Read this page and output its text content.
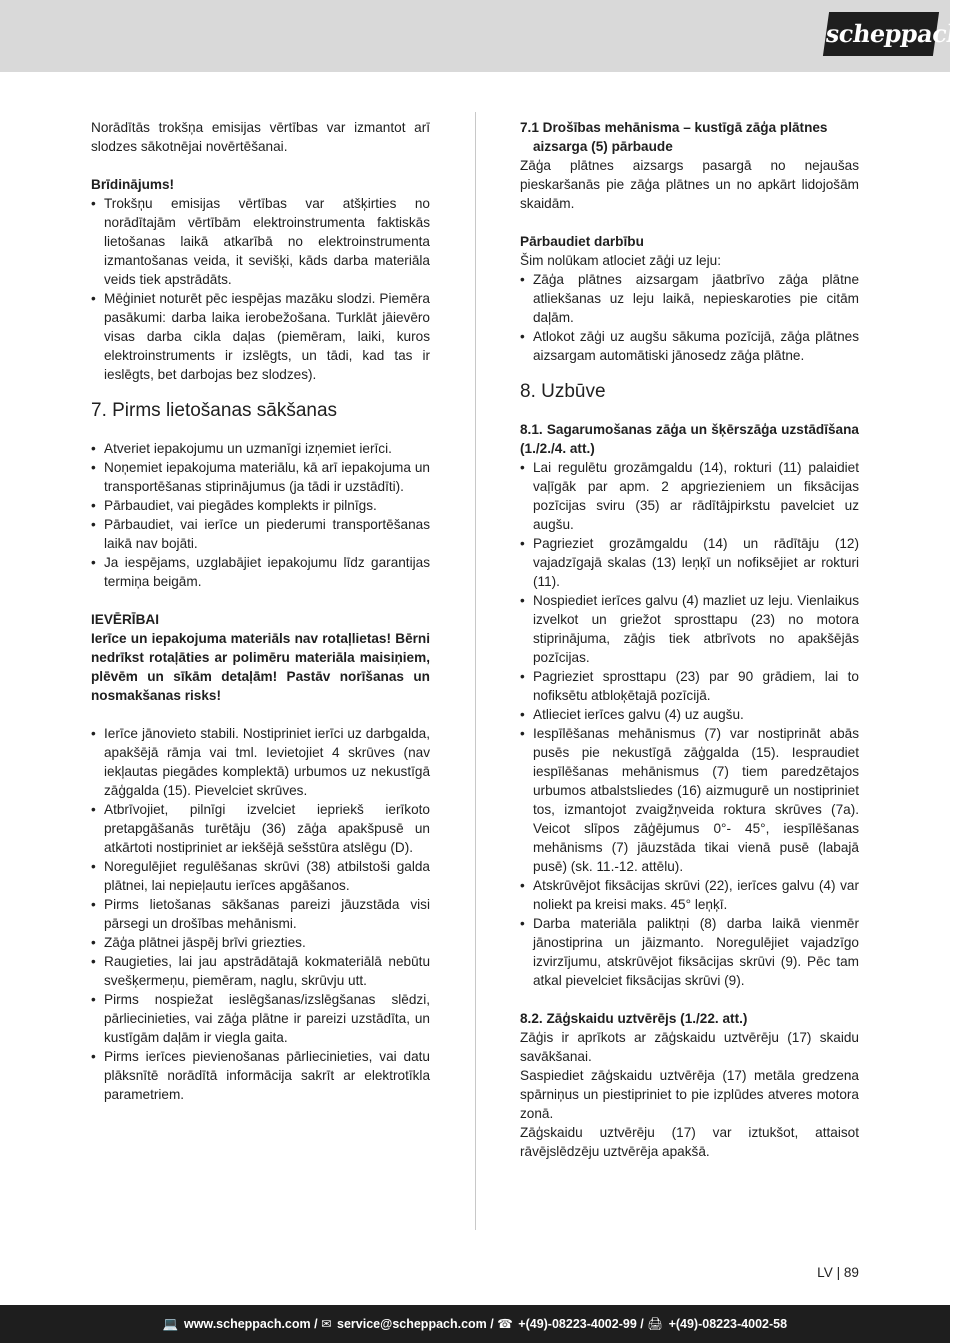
scheppach

Norādītās trokšņa emisijas vērtības var izmantot arī slodzes sākotnējai novērtēšanai.

Brīdinājums!

• Trokšņu emisijas vērtības var atšķirties no norādītajām vērtībām elektroinstrumenta faktiskās lietošanas laikā atkarībā no elektroinstrumenta izmantošanas veida, it sevišķi, kāds darba materiāla veids tiek apstrādāts.
• Mēģiniet noturēt pēc iespējas mazāku slodzi. Piemēra pasākumi: darba laika ierobežošana. Turklāt jāievēro visas darba cikla daļas (piemēram, laiki, kuros elektroinstruments ir izslēgts, un tādi, kad tas ir ieslēgts, bet darbojas bez slodzes).
7. Pirms lietošanas sākšanas
• Atveriet iepakojumu un uzmanīgi izņemiet ierīci.
• Noņemiet iepakojuma materiālu, kā arī iepakojuma un transportēšanas stiprinājumus (ja tādi ir uzstādīti).
• Pārbaudiet, vai piegādes komplekts ir pilnīgs.
• Pārbaudiet, vai ierīce un piederumi transportēšanas laikā nav bojāti.
• Ja iespējams, uzglabājiet iepakojumu līdz garantijas termiņa beigām.

IEVĒRĪBAI

Ierīce un iepakojuma materiāls nav rotaļlietas! Bērni nedrīkst rotaļāties ar polimēru materiāla maisiņiem, plēvēm un sīkām detaļām! Pastāv norīšanas un nosmakšanas risks!

• Ierīce jānovieto stabili. Nostipriniet ierīci uz darbgalda, apakšējā rāmja vai tml. Ievietojiet 4 skrūves (nav iekļautas piegādes komplektā) urbumos uz nekustīgā zāģgalda (15). Pievelciet skrūves.
• Atbrīvojiet, pilnīgi izvelciet iepriekš ierīkoto pretapgāšanās turētāju (36) zāģa apakšpusē un atkārtoti nostipriniet ar iekšējā sešstūra atslēgu (D).
• Noregulējiet regulēšanas skrūvi (38) atbilstoši galda plātnei, lai nepieļautu ierīces apgāšanos.
• Pirms lietošanas sākšanas pareizi jāuzstāda visi pārsegi un drošības mehānismi.
• Zāģa plātnei jāspēj brīvi griezties.
• Raugieties, lai jau apstrādātajā kokmateriālā nebūtu svešķermeņu, piemēram, naglu, skrūvju utt.
• Pirms nospiežat ieslēgšanas/izslēgšanas slēdzi, pārliecinieties, vai zāģa plātne ir pareizi uzstādīta, un kustīgām daļām ir viegla gaita.
• Pirms ierīces pievienošanas pārliecinieties, vai datu plāksnītē norādītā informācija sakrīt ar elektrotīkla parametriem.

7.1 Drošības mehānisma – kustīgā zāģa plātnes

aizsarga (5) pārbaude

Zāģa plātnes aizsargs pasargā no nejaušas pieskaršanās pie zāģa plātnes un no apkārt lidojošām skaidām.

Pārbaudiet darbību

Šim nolūkam atlociet zāģi uz leju:

• Zāģa plātnes aizsargam jāatbrīvo zāģa plātne atliekšanas uz leju laikā, nepieskaroties pie citām daļām.
• Atlokot zāģi uz augšu sākuma pozīcijā, zāģa plātnes aizsargam automātiski jānosedz zāģa plātne.
8. Uzbūve

8.1. Sagarumošanas zāģa un šķērszāģa uzstādīšana (1./2./4. att.)

• Lai regulētu grozāmgaldu (14), rokturi (11) palaidiet vaļīgāk par apm. 2 apgriezieniem un fiksācijas pozīcijas sviru (35) ar rādītājpirkstu pavelciet uz augšu.
• Pagrieziet grozāmgaldu (14) un rādītāju (12) vajadzīgajā skalas (13) leņķī un nofiksējiet ar rokturi (11).
• Nospiediet ierīces galvu (4) mazliet uz leju. Vienlaikus izvelkot un griežot sprosttapu (23) no motora stiprinājuma, zāģis tiek atbrīvots no apakšējās pozīcijas.
• Pagrieziet sprosttapu (23) par 90 grādiem, lai to nofiksētu atbloķētajā pozīcijā.
• Atlieciet ierīces galvu (4) uz augšu.
• Iespīlēšanas mehānismus (7) var nostiprināt abās pusēs pie nekustīgā zāģgalda (15). Iespraudiet iespīlēšanas mehānismus (7) tiem paredzētajos urbumos atbalstsliedes (16) aizmugurē un nostipriniet tos, izmantojot zvaigžņveida roktura skrūves (7a). Veicot slīpos zāģējumus 0°- 45°, iespīlēšanas mehānisms (7) jāuzstāda tikai vienā pusē (labajā pusē) (sk. 11.-12. attēlu).
• Atskrūvējot fiksācijas skrūvi (22), ierīces galvu (4) var noliekt pa kreisi maks. 45° leņķī.
• Darba materiāla paliktņi (8) darba laikā vienmēr jānostiprina un jāizmanto. Noregulējiet vajadzīgo izvirzījumu, atskrūvējot fiksācijas skrūvi (9). Pēc tam atkal pievelciet fiksācijas skrūvi (9).

8.2. Zāģskaidu uztvērējs (1./22. att.)

Zāģis ir aprīkots ar zāģskaidu uztvērēju (17) skaidu savākšanai.

Saspiediet zāģskaidu uztvērēja (17) metāla gredzena spārniņus un piestipriniet to pie izplūdes atveres motora zonā.

Zāģskaidu uztvērēju (17) var iztukšot, attaisot rāvējslēdzēju uztvērēja apakšā.

LV | 89
💻 www.scheppach.com / ✉ service@scheppach.com / ☎ +(49)-08223-4002-99 / 🖨 +(49)-08223-4002-58
